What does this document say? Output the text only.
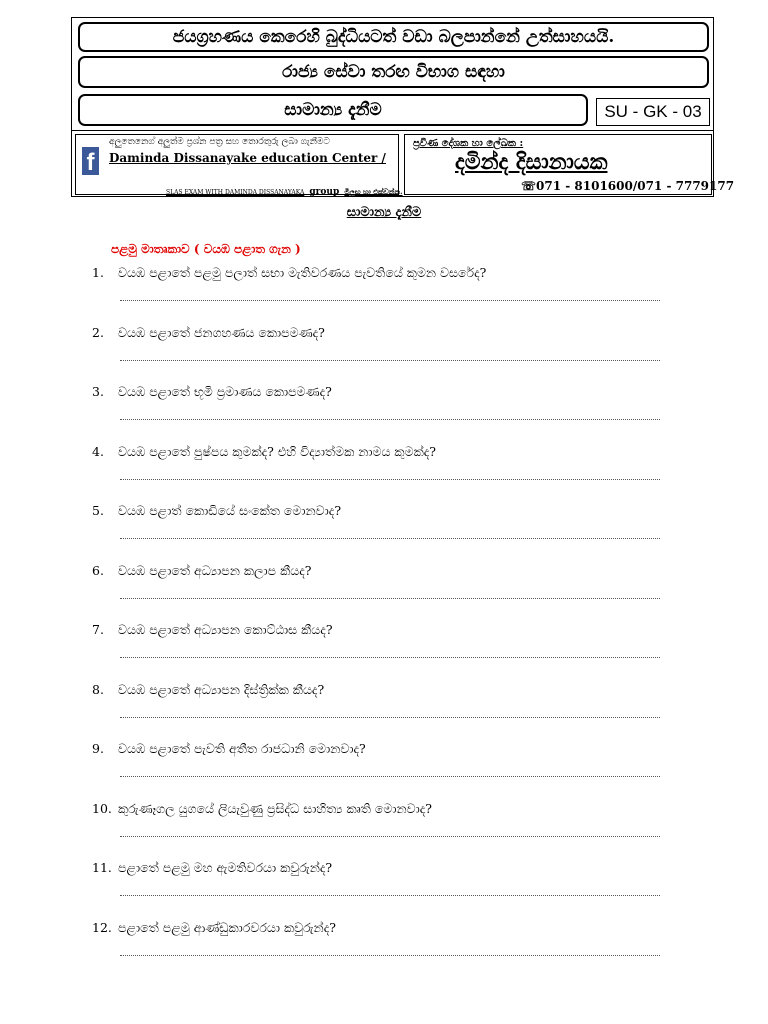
ජයග්‍රහණය කෙරෙහි බුද්ධියටත් වඩා බලපාන්නේ උත්සාහයයි.
රාජ්‍ය සේවා තරඟ විභාග සඳහා
සාමාන්‍ය දැනීම	SU - GK - 03
f
අලුතෙනෙග් අලුත්ම ප්‍රශ්න පත්‍ර සහ තොරතුරු ලබා ගැනීමට
Daminda Dissanayake education Center /
SLAS EXAM WITH DAMINDA DISSANAYAKA group මිලඟ හා එක්වන්න.
ප්‍රවීණ දේශක හා ලේඛක :
දමින්ද දිසානායක
☏071 - 8101600/071 - 7779177
සාමාන්‍ය දැනීම
පළමු මාතෘකාව ( වයඹ පළාත ගැන )
1. වයඹ පළාතේ පළමු පලාත් සභා මැතිවරණය පැවතියේ කුමන වසරේද?
2. වයඹ පළාතේ ජනගහණය කොපමණද?
3. වයඹ පළාතේ භූමි ප්‍රමාණය කොපමණද?
4. වයඹ පළාතේ පුෂ්පය කුමක්ද? එහි විද්‍යාත්මක නාමය කුමක්ද?
5. වයඹ පළාත් කොඩියේ සංකේත මොනවාද?
6. වයඹ පළාතේ අධ්‍යාපන කලාප කීයද?
7. වයඹ පළාතේ අධ්‍යාපන කොට්ඨාස කීයද?
8. වයඹ පළාතේ අධ්‍යාපන දිස්ත්‍රික්ක කීයද?
9. වයඹ පළාතේ පැවති අතීත රාජධානි මොනවාද?
10. කුරුණෑගල යුගයේ ලියැවුණු ප්‍රසිද්ධ සාහිත්‍ය කෘති මොනවාද?
11. පළාතේ පළමු මහ ඇමතිවරයා කවුරුන්ද?
12. පළාතේ පළමු ආණ්ඩුකාරවරයා කවුරුන්ද?
